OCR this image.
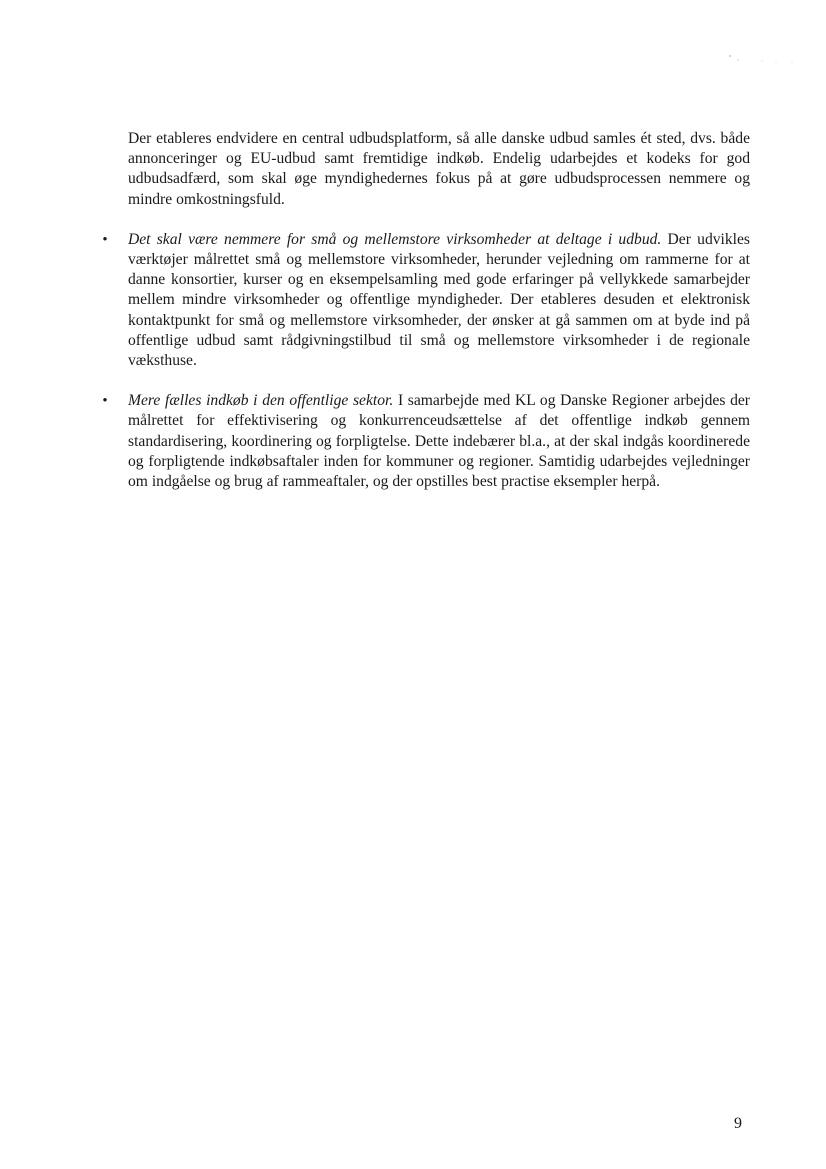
Der etableres endvidere en central udbudsplatform, så alle danske udbud samles ét sted, dvs. både annonceringer og EU-udbud samt fremtidige indkøb. Endelig udarbejdes et kodeks for god udbudsadfærd, som skal øge myndighedernes fokus på at gøre udbudsprocessen nemmere og mindre omkostningsfuld.

• Det skal være nemmere for små og mellemstore virksomheder at deltage i udbud. Der udvikles værktøjer målrettet små og mellemstore virksomheder, herunder vejledning om rammerne for at danne konsortier, kurser og en eksempelsamling med gode erfaringer på vellykkede samarbejder mellem mindre virksomheder og offentlige myndigheder. Der etableres desuden et elektronisk kontaktpunkt for små og mellemstore virksomheder, der ønsker at gå sammen om at byde ind på offentlige udbud samt rådgivningstilbud til små og mellemstore virksomheder i de regionale væksthuse.

• Mere fælles indkøb i den offentlige sektor. I samarbejde med KL og Danske Regioner arbejdes der målrettet for effektivisering og konkurrenceudsættelse af det offentlige indkøb gennem standardisering, koordinering og forpligtelse. Dette indebærer bl.a., at der skal indgås koordinerede og forpligtende indkøbsaftaler inden for kommuner og regioner. Samtidig udarbejdes vejledninger om indgåelse og brug af rammeaftaler, og der opstilles best practise eksempler herpå.

9
